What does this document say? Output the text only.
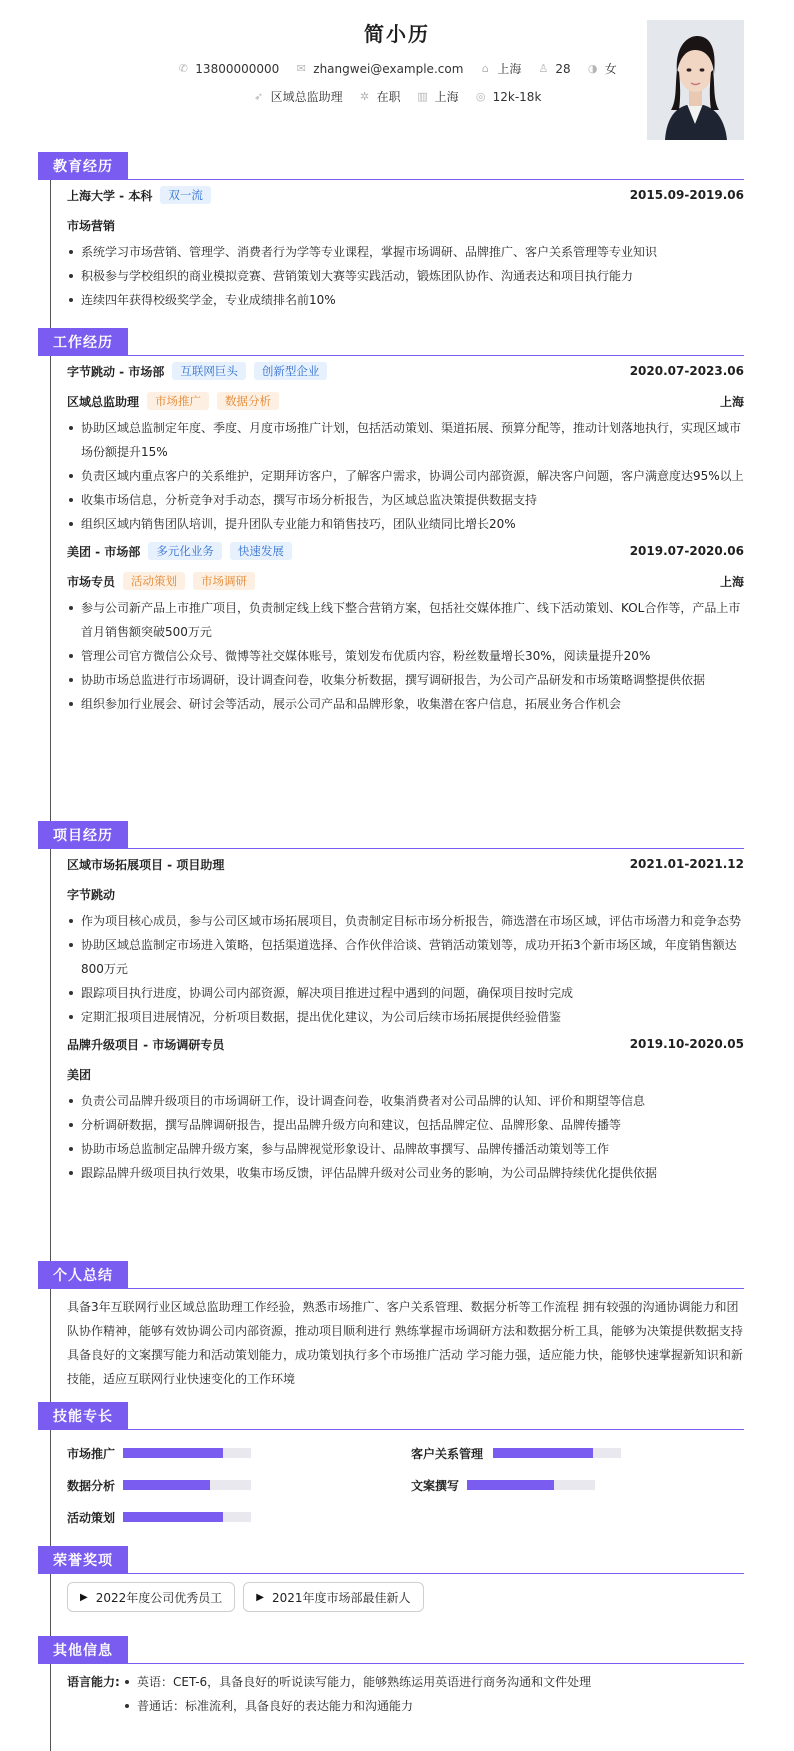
简小历
✆ 13800000000 ✉ zhangwei@example.com ⌂ 上海 ♙ 28 ◑ 女
➶ 区域总监助理 ✲ 在职 ▥ 上海 ◎ 12k-18k
教育经历
上海大学 - 本科	双一流	2015.09-2019.06
市场营销
系统学习市场营销、管理学、消费者行为学等专业课程，掌握市场调研、品牌推广、客户关系管理等专业知识
积极参与学校组织的商业模拟竞赛、营销策划大赛等实践活动，锻炼团队协作、沟通表达和项目执行能力
连续四年获得校级奖学金，专业成绩排名前10%
工作经历
字节跳动 - 市场部	互联网巨头	创新型企业	2020.07-2023.06
区域总监助理	市场推广	数据分析	上海
协助区域总监制定年度、季度、月度市场推广计划，包括活动策划、渠道拓展、预算分配等，推动计划落地执行，实现区域市场份额提升15%
负责区域内重点客户的关系维护，定期拜访客户，了解客户需求，协调公司内部资源，解决客户问题，客户满意度达95%以上
收集市场信息，分析竞争对手动态，撰写市场分析报告，为区域总监决策提供数据支持
组织区域内销售团队培训，提升团队专业能力和销售技巧，团队业绩同比增长20%
美团 - 市场部	多元化业务	快速发展	2019.07-2020.06
市场专员	活动策划	市场调研	上海
参与公司新产品上市推广项目，负责制定线上线下整合营销方案，包括社交媒体推广、线下活动策划、KOL合作等，产品上市首月销售额突破500万元
管理公司官方微信公众号、微博等社交媒体账号，策划发布优质内容，粉丝数量增长30%，阅读量提升20%
协助市场总监进行市场调研，设计调查问卷，收集分析数据，撰写调研报告，为公司产品研发和市场策略调整提供依据
组织参加行业展会、研讨会等活动，展示公司产品和品牌形象，收集潜在客户信息，拓展业务合作机会
项目经历
区域市场拓展项目 - 项目助理	2021.01-2021.12
字节跳动
作为项目核心成员，参与公司区域市场拓展项目，负责制定目标市场分析报告，筛选潜在市场区域，评估市场潜力和竞争态势
协助区域总监制定市场进入策略，包括渠道选择、合作伙伴洽谈、营销活动策划等，成功开拓3个新市场区域，年度销售额达800万元
跟踪项目执行进度，协调公司内部资源，解决项目推进过程中遇到的问题，确保项目按时完成
定期汇报项目进展情况，分析项目数据，提出优化建议，为公司后续市场拓展提供经验借鉴
品牌升级项目 - 市场调研专员	2019.10-2020.05
美团
负责公司品牌升级项目的市场调研工作，设计调查问卷，收集消费者对公司品牌的认知、评价和期望等信息
分析调研数据，撰写品牌调研报告，提出品牌升级方向和建议，包括品牌定位、品牌形象、品牌传播等
协助市场总监制定品牌升级方案，参与品牌视觉形象设计、品牌故事撰写、品牌传播活动策划等工作
跟踪品牌升级项目执行效果，收集市场反馈，评估品牌升级对公司业务的影响，为公司品牌持续优化提供依据
个人总结
具备3年互联网行业区域总监助理工作经验，熟悉市场推广、客户关系管理、数据分析等工作流程 拥有较强的沟通协调能力和团队协作精神，能够有效协调公司内部资源，推动项目顺利进行 熟练掌握市场调研方法和数据分析工具，能够为决策提供数据支持 具备良好的文案撰写能力和活动策划能力，成功策划执行多个市场推广活动 学习能力强，适应能力快，能够快速掌握新知识和新技能，适应互联网行业快速变化的工作环境
技能专长
市场推广	客户关系管理
数据分析	文案撰写
活动策划
荣誉奖项
▶ 2022年度公司优秀员工	▶ 2021年度市场部最佳新人
其他信息
语言能力:	英语：CET-6，具备良好的听说读写能力，能够熟练运用英语进行商务沟通和文件处理
普通话：标准流利，具备良好的表达能力和沟通能力
